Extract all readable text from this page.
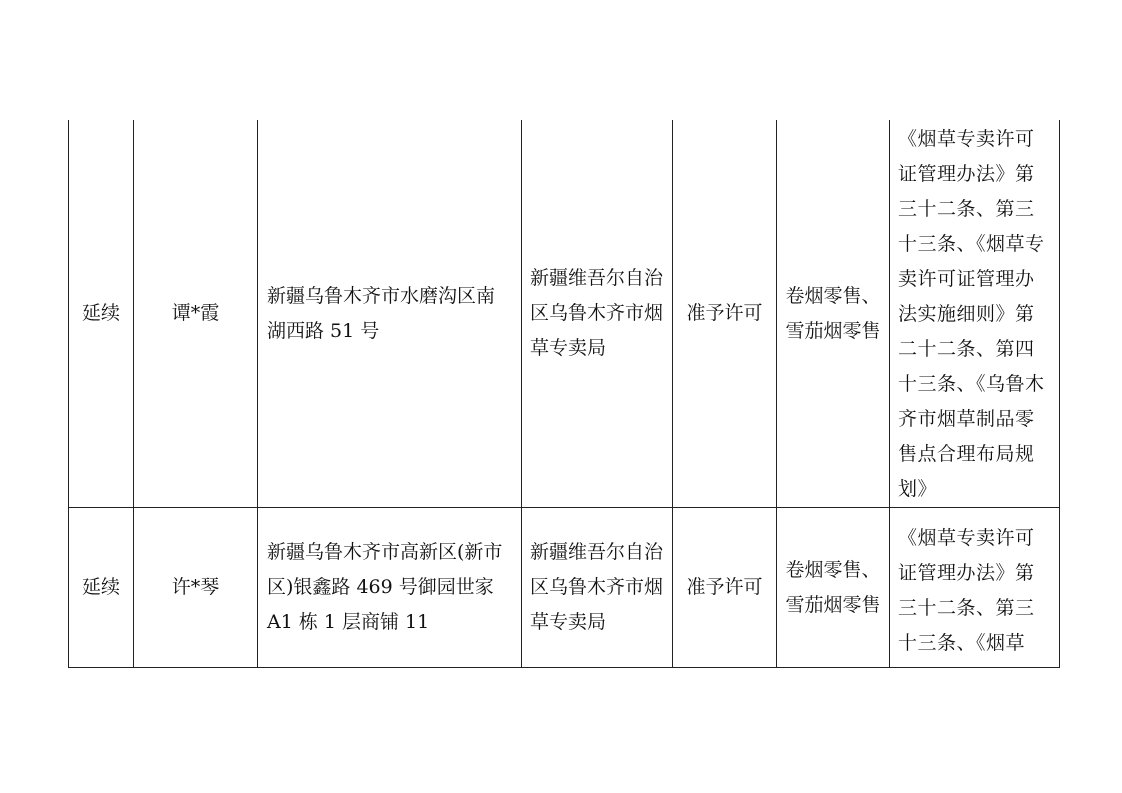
延续	谭*霞	新疆乌鲁木齐市水磨沟区南湖西路 51 号	新疆维吾尔自治区乌鲁木齐市烟草专卖局	准予许可	卷烟零售、雪茄烟零售	《烟草专卖许可证管理办法》第三十二条、第三十三条、《烟草专卖许可证管理办法实施细则》第二十二条、第四十三条、《乌鲁木齐市烟草制品零售点合理布局规划》

延续	许*琴	新疆乌鲁木齐市高新区(新市区)银鑫路 469 号御园世家 A1 栋 1 层商铺 11	新疆维吾尔自治区乌鲁木齐市烟草专卖局	准予许可	卷烟零售、雪茄烟零售	《烟草专卖许可证管理办法》第三十二条、第三十三条、《烟草
